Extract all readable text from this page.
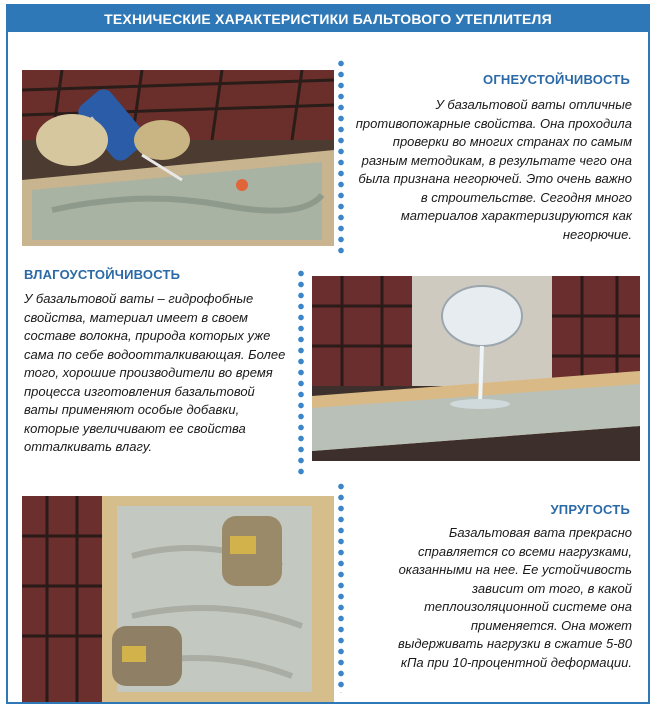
ТЕХНИЧЕСКИЕ ХАРАКТЕРИСТИКИ БАЛЬТОВОГО УТЕПЛИТЕЛЯ
ОГНЕУСТОЙЧИВОСТЬ
У базальтовой ваты отличные противопожарные свойства. Она проходила проверки во многих странах по самым разным методикам, в результате чего она была признана негорючей. Это очень важно в строительстве. Сегодня много материалов характеризируются как негорючие.
ВЛАГОУСТОЙЧИВОСТЬ
У базальтовой ваты – гидрофобные свойства, материал имеет в своем составе волокна, природа которых уже сама по себе водоотталкивающая. Более того, хорошие производители во время процесса изготовления базальтовой ваты применяют особые добавки, которые увеличивают ее свойства отталкивать влагу.
УПРУГОСТЬ
Базальтовая вата прекрасно справляется со всеми нагрузками, оказанными на нее. Ее устойчивость зависит от того, в какой теплоизоляционной системе она применяется. Она может выдерживать нагрузки в сжатие 5-80 кПа при 10-процентной деформации.
